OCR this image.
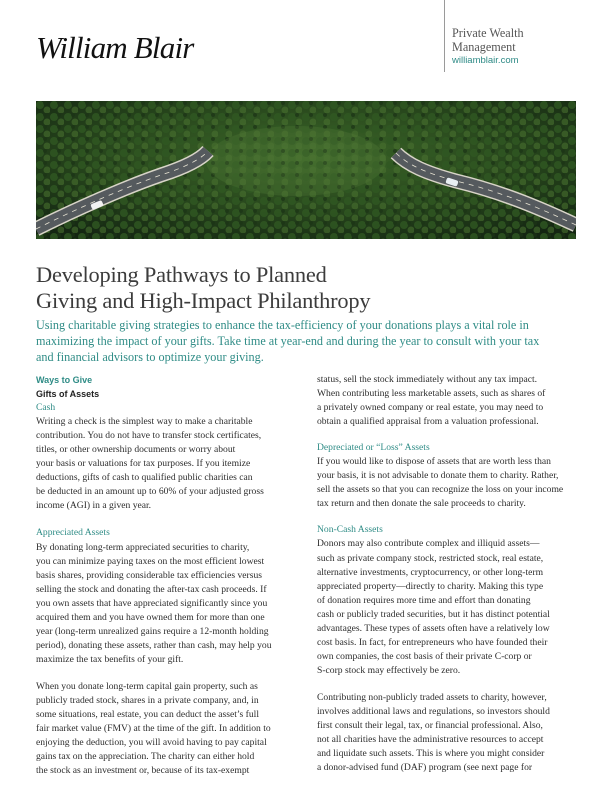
William Blair	Private Wealth
Management
williamblair.com
Developing Pathways to Planned
Giving and High-Impact Philanthropy
Using charitable giving strategies to enhance the tax-efficiency of your donations plays a vital role in
maximizing the impact of your gifts. Take time at year-end and during the year to consult with your tax
and financial advisors to optimize your giving.
Ways to Give
Gifts of Assets
Cash
Writing a check is the simplest way to make a charitable
contribution. You do not have to transfer stock certificates,
titles, or other ownership documents or worry about
your basis or valuations for tax purposes. If you itemize
deductions, gifts of cash to qualified public charities can
be deducted in an amount up to 60% of your adjusted gross
income (AGI) in a given year.
Appreciated Assets
By donating long-term appreciated securities to charity,
you can minimize paying taxes on the most efficient lowest
basis shares, providing considerable tax efficiencies versus
selling the stock and donating the after-tax cash proceeds. If
you own assets that have appreciated significantly since you
acquired them and you have owned them for more than one
year (long-term unrealized gains require a 12-month holding
period), donating these assets, rather than cash, may help you
maximize the tax benefits of your gift.
When you donate long-term capital gain property, such as
publicly traded stock, shares in a private company, and, in
some situations, real estate, you can deduct the asset’s full
fair market value (FMV) at the time of the gift. In addition to
enjoying the deduction, you will avoid having to pay capital
gains tax on the appreciation. The charity can either hold
the stock as an investment or, because of its tax-exempt
status, sell the stock immediately without any tax impact.
When contributing less marketable assets, such as shares of
a privately owned company or real estate, you may need to
obtain a qualified appraisal from a valuation professional.
Depreciated or “Loss” Assets
If you would like to dispose of assets that are worth less than
your basis, it is not advisable to donate them to charity. Rather,
sell the assets so that you can recognize the loss on your income
tax return and then donate the sale proceeds to charity.
Non-Cash Assets
Donors may also contribute complex and illiquid assets—
such as private company stock, restricted stock, real estate,
alternative investments, cryptocurrency, or other long-term
appreciated property—directly to charity. Making this type
of donation requires more time and effort than donating
cash or publicly traded securities, but it has distinct potential
advantages. These types of assets often have a relatively low
cost basis. In fact, for entrepreneurs who have founded their
own companies, the cost basis of their private C-corp or
S-corp stock may effectively be zero.
Contributing non-publicly traded assets to charity, however,
involves additional laws and regulations, so investors should
first consult their legal, tax, or financial professional. Also,
not all charities have the administrative resources to accept
and liquidate such assets. This is where you might consider
a donor-advised fund (DAF) program (see next page for
